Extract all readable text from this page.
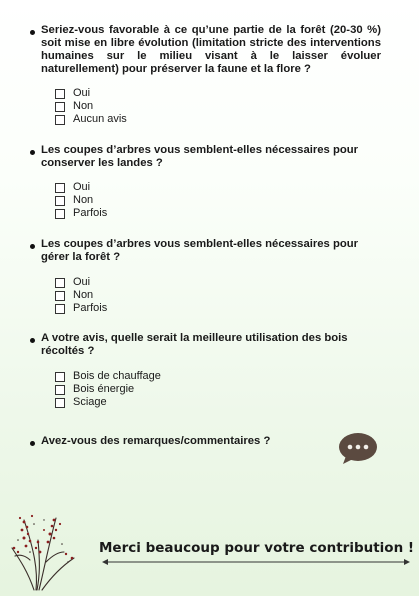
Seriez-vous favorable à ce qu’une partie de la forêt (20-30 %) soit mise en libre évolution (limitation stricte des interventions humaines sur le milieu visant à le laisser évoluer naturellement) pour préserver la faune et la flore ?

Oui
Non
Aucun avis

Les coupes d’arbres vous semblent-elles nécessaires pour conserver les landes ?

Oui
Non
Parfois

Les coupes d’arbres vous semblent-elles nécessaires pour gérer la forêt ?

Oui
Non
Parfois

A votre avis, quelle serait la meilleure utilisation des bois récoltés ?

Bois de chauffage
Bois énergie
Sciage

Avez-vous des remarques/commentaires ?

Merci beaucoup pour votre contribution !
